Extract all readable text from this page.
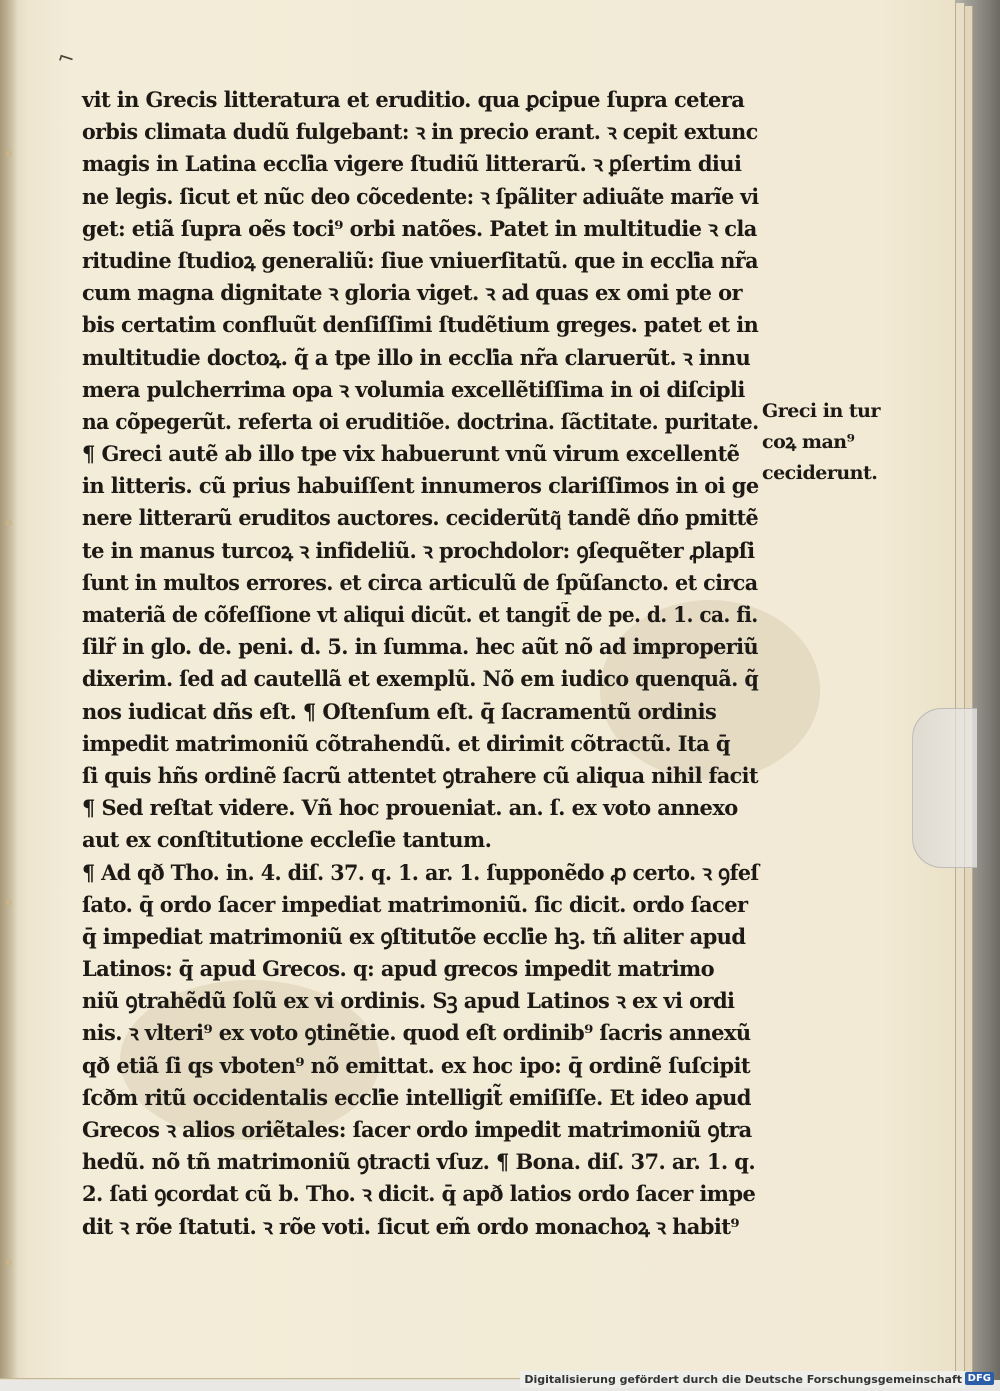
⌐
vit in Grecis litteratura et eruditio. qua ꝑcipue ſupra cetera
orbis climata dudũ fulgebant: ꝛ in precio erant. ꝛ cepit extunc
magis in Latina eccľia vigere ſtudiũ litterarũ. ꝛ ꝑſertim diui
ne legis. ſicut et nũc deo cõcedente: ꝛ ſpãliter adiuãte marĩe vi
get: etiã ſupra oẽs toci⁹ orbi natões. Patet in multitudie ꝛ cla
ritudine ſtudioꝝ generaliũ: ſiue vniuerſitatũ. que in eccľia nr̃a
cum magna dignitate ꝛ gloria viget. ꝛ ad quas ex omi pte or
bis certatim confluũt denſiſſimi ſtudẽtium greges. patet et in
multitudie doctoꝝ. q̃ a tpe illo in eccľia nr̃a claruerũt. ꝛ innu
mera pulcherrima opa ꝛ volumia excellẽtiſſima in oi diſcipli
na cõpegerũt. referta oi eruditiõe. doctrina. ſãctitate. puritate.
¶ Greci autẽ ab illo tpe vix habuerunt vnũ virum excellentẽ
in litteris. cũ prius habuiſſent innumeros clariſſimos in oi ge
nere litterarũ eruditos auctores. ceciderũtq͂ tandẽ dño pmittẽ
te in manus turcoꝝ ꝛ infideliũ. ꝛ prochdolor: ꝯſequẽter ꝓlapſi
ſunt in multos errores. et circa articulũ de ſpũſancto. et circa
materiã de cõfeſſione vt aliqui dicũt. et tangit̃ de pe. d. 1. ca. fi.
ſilr̃ in glo. de. peni. d. 5. in ſumma. hec aũt nõ ad improperiũ
dixerim. ſed ad cautellã et exemplũ. Nõ em iudico quenquã. q̃
nos iudicat dñs eſt. ¶ Oſtenſum eſt. q̄ ſacramentũ ordinis
impedit matrimoniũ cõtrahendũ. et dirimit cõtractũ. Ita q̄
ſi quis hñs ordinẽ ſacrũ attentet ꝯtrahere cũ aliqua nihil facit
¶ Sed reſtat videre. Vñ hoc proueniat. an. ſ. ex voto annexo
aut ex conſtitutione eccleſie tantum.
¶ Ad qð Tho. in. 4. diſ. 37. q. 1. ar. 1. ſupponẽdo ꝓ certo. ꝛ ꝯfeſ
ſato. q̄ ordo ſacer impediat matrimoniũ. ſic dicit. ordo ſacer
q̄ impediat matrimoniũ ex ꝯſtitutõe eccľie hꝫ. tñ aliter apud
Latinos: q̄ apud Grecos. q: apud grecos impedit matrimo
niũ ꝯtrahẽdũ ſolũ ex vi ordinis. Sꝫ apud Latinos ꝛ ex vi ordi
nis. ꝛ vlteri⁹ ex voto ꝯtinẽtie. quod eſt ordinib⁹ ſacris annexũ
qð etiã ſi qs vboten⁹ nõ emittat. ex hoc ipo: q̄ ordinẽ ſuſcipit
ſcðm ritũ occidentalis eccľie intelligit̃ emiſiſſe. Et ideo apud
Grecos ꝛ alios oriẽtales: ſacer ordo impedit matrimoniũ ꝯtra
hedũ. nõ tñ matrimoniũ ꝯtracti vſuz. ¶ Bona. diſ. 37. ar. 1. q.
2. ſati ꝯcordat cũ b. Tho. ꝛ dicit. q̄ apð latios ordo ſacer impe
dit ꝛ rõe ſtatuti. ꝛ rõe voti. ſicut em̃ ordo monachoꝝ ꝛ habit⁹
Greci in tur
coꝝ man⁹
ceciderunt.
Digitalisierung gefördert durch die Deutsche Forschungsgemeinschaft DFG
